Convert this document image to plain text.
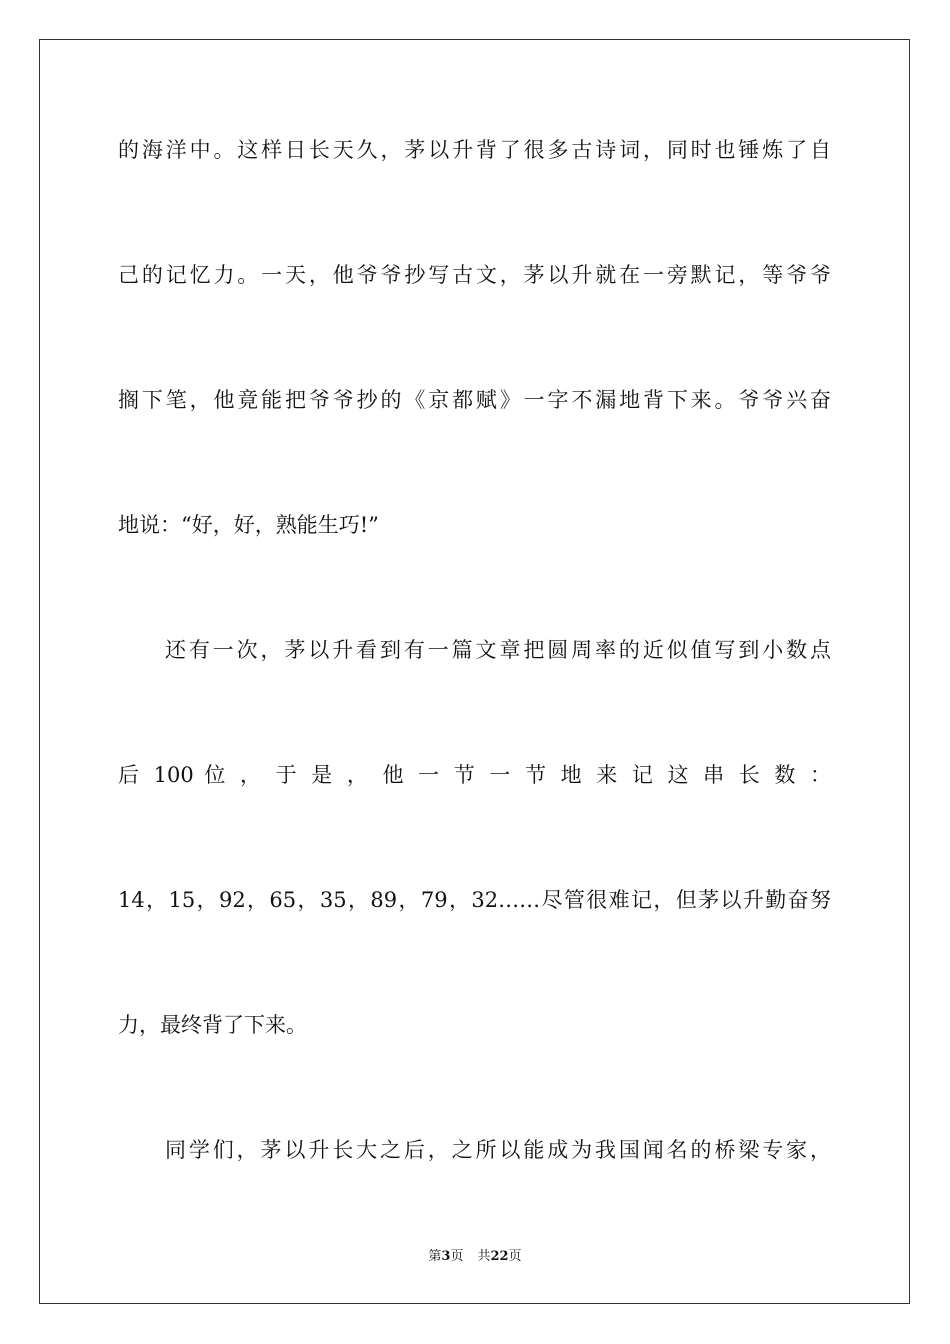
的海洋中。这样日长天久，茅以升背了很多古诗词，同时也锤炼了自
己的记忆力。一天，他爷爷抄写古文，茅以升就在一旁默记，等爷爷
搁下笔，他竟能把爷爷抄的《京都赋》一字不漏地背下来。爷爷兴奋
地说：“好，好，熟能生巧!”
还有一次，茅以升看到有一篇文章把圆周率的近似值写到小数点
后 100 位 ， 于 是 ， 他 一 节 一 节 地 来 记 这 串 长 数 ：
14，15，92，65，35，89，79，32……尽管很难记，但茅以升勤奋努
力，最终背了下来。
同学们，茅以升长大之后，之所以能成为我国闻名的桥梁专家，
第3页 共22页
